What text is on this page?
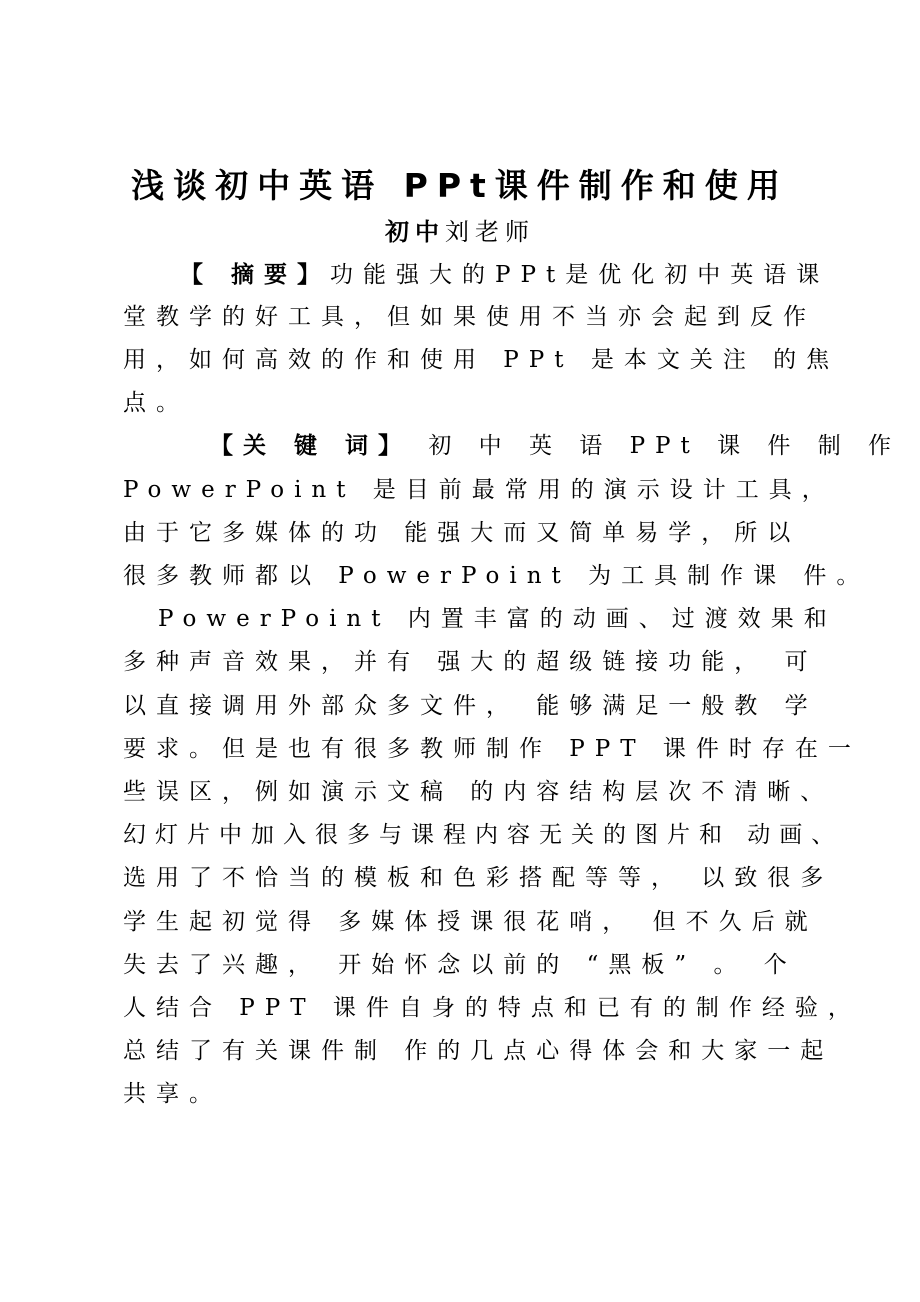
浅谈初中英语 PPt课件制作和使用
初中刘老师
【 摘要】功能强大的PPt是优化初中英语课
堂教学的好工具，但如果使用不当亦会起到反作
用，如何高效的作和使用 PPt 是本文关注 的焦
点。
【关 键 词】 初 中 英 语 PPt 课 件 制 作
PowerPoint 是目前最常用的演示设计工具，
由于它多媒体的功 能强大而又简单易学，所以
很多教师都以 PowerPoint 为工具制作课 件。
PowerPoint 内置丰富的动画、过渡效果和
多种声音效果，并有 强大的超级链接功能， 可
以直接调用外部众多文件， 能够满足一般教 学
要求。但是也有很多教师制作 PPT 课件时存在一
些误区，例如演示文稿 的内容结构层次不清晰、
幻灯片中加入很多与课程内容无关的图片和 动画、
选用了不恰当的模板和色彩搭配等等， 以致很多
学生起初觉得 多媒体授课很花哨， 但不久后就
失去了兴趣， 开始怀念以前的 “黑板” 。 个
人结合 PPT 课件自身的特点和已有的制作经验，
总结了有关课件制 作的几点心得体会和大家一起
共享。
